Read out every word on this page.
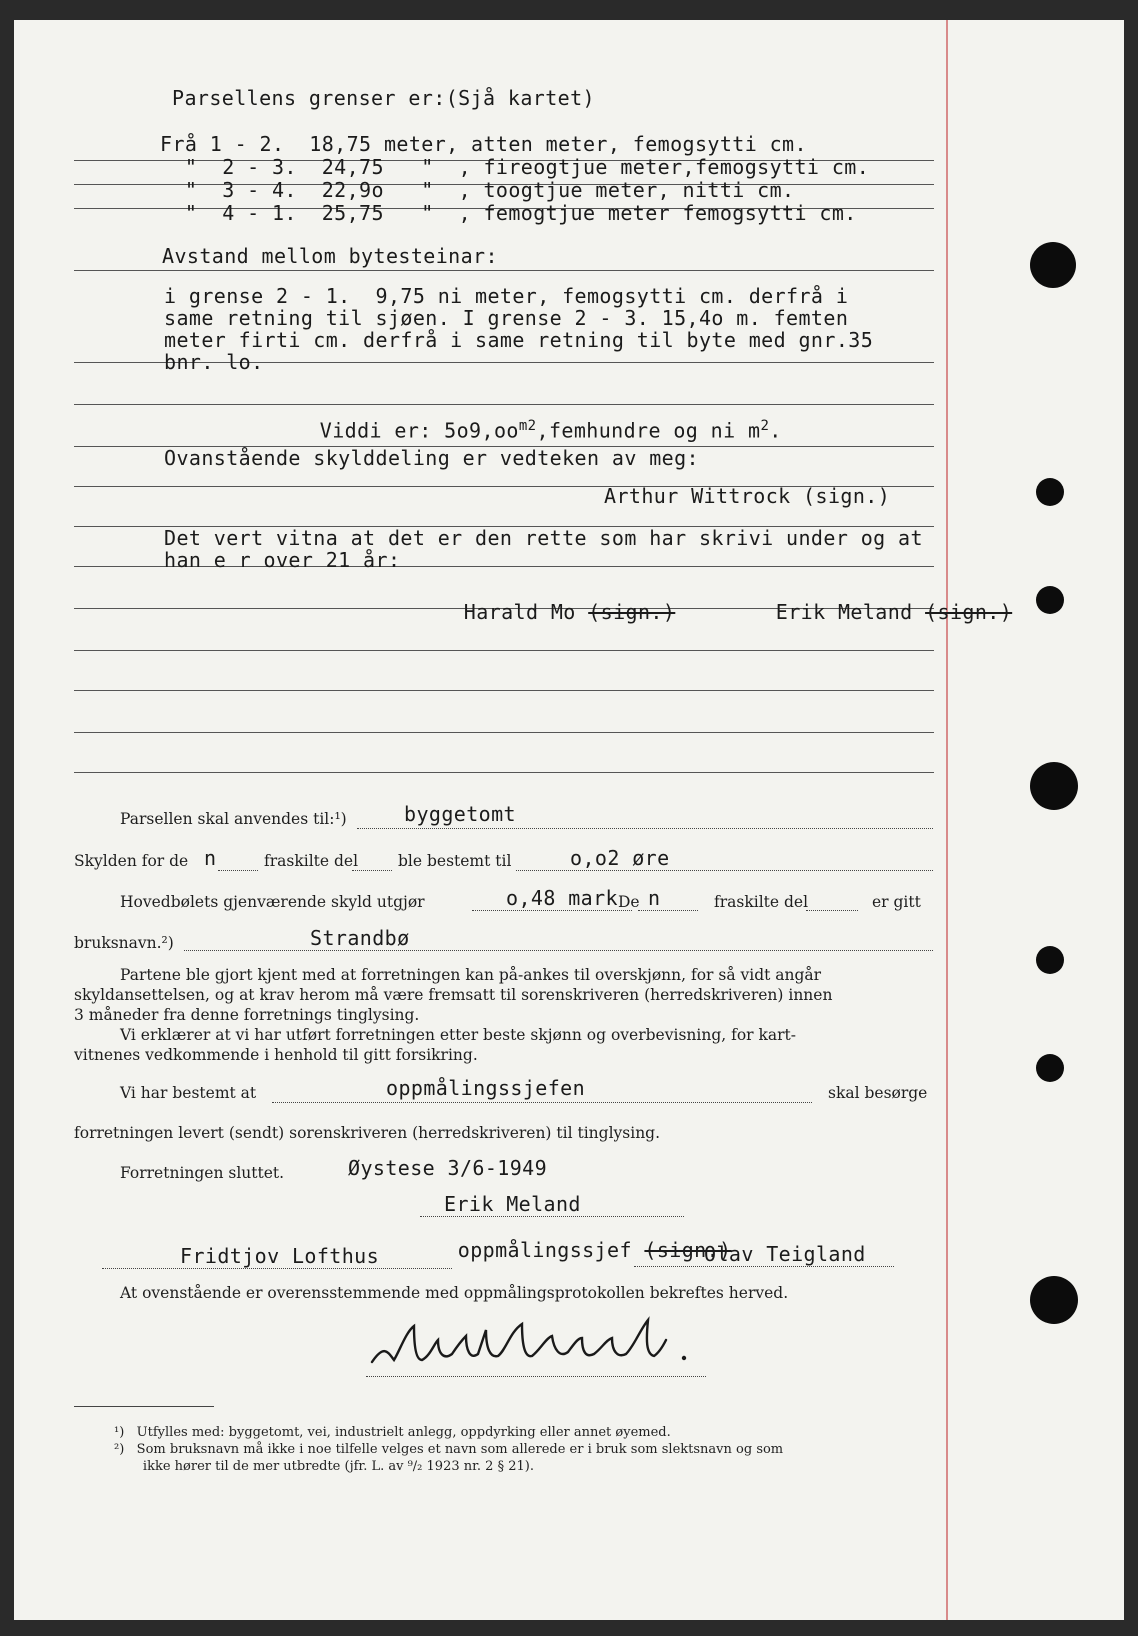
Parsellens grenser er:(Sjå kartet)
Frå 1 - 2.  18,75 meter, atten meter, femogsytti cm.
"  2 - 3.  24,75   "  , fireogtjue meter,femogsytti cm.
"  3 - 4.  22,9o   "  , toogtjue meter, nitti cm.
"  4 - 1.  25,75   "  , femogtjue meter femogsytti cm.
Avstand mellom bytesteinar:
i grense 2 - 1.  9,75 ni meter, femogsytti cm. derfrå i
same retning til sjøen. I grense 2 - 3. 15,4o m. femten
meter firti cm. derfrå i same retning til byte med gnr.35
bnr. lo.

Viddi er: $5o9,oo^{m2},femhundre$ og ni $m^2$.

Ovanstående skylddeling er vedteken av meg:
Arthur Wittrock (sign.)
Det vert vitna at det er den rette som har skrivi under og at
han e r over 21 år:

Harald Mo (sign.)
	Erik Meland (sign.)

Parsellen skal anvendes til:¹)	byggetomt
Skylden for de n	fraskilte del	ble bestemt til	o,o2 øre
Hovedbølets gjenværende skyld utgjør	o,48 mark De n	fraskilte del	er gitt
bruksnavn.²)	Strandbø
Partene ble gjort kjent med at forretningen kan på-ankes til overskjønn, for så vidt angår
skyldansettelsen, og at krav herom må være fremsatt til sorenskriveren (herredskriveren) innen
3 måneder fra denne forretnings tinglysing.
Vi erklærer at vi har utført forretningen etter beste skjønn og overbevisning, for kart-
vitnenes vedkommende i henhold til gitt forsikring.
Vi har bestemt at	oppmålingssjefen	skal besørge
forretningen levert (sendt) sorenskriveren (herredskriveren) til tinglysing.
Forretningen sluttet.	Øystese 3/6-1949
Erik Meland

oppmålingssjef (sign.)

Fridtjov Lofthus	Olav Teigland
At ovenstående er overensstemmende med oppmålingsprotokollen bekreftes herved.
¹)   Utfylles med: byggetomt, vei, industrielt anlegg, oppdyrking eller annet øyemed.
²)   Som bruksnavn må ikke i noe tilfelle velges et navn som allerede er i bruk som slektsnavn og som
ikke hører til de mer utbredte (jfr. L. av ⁹/₂ 1923 nr. 2 § 21).
